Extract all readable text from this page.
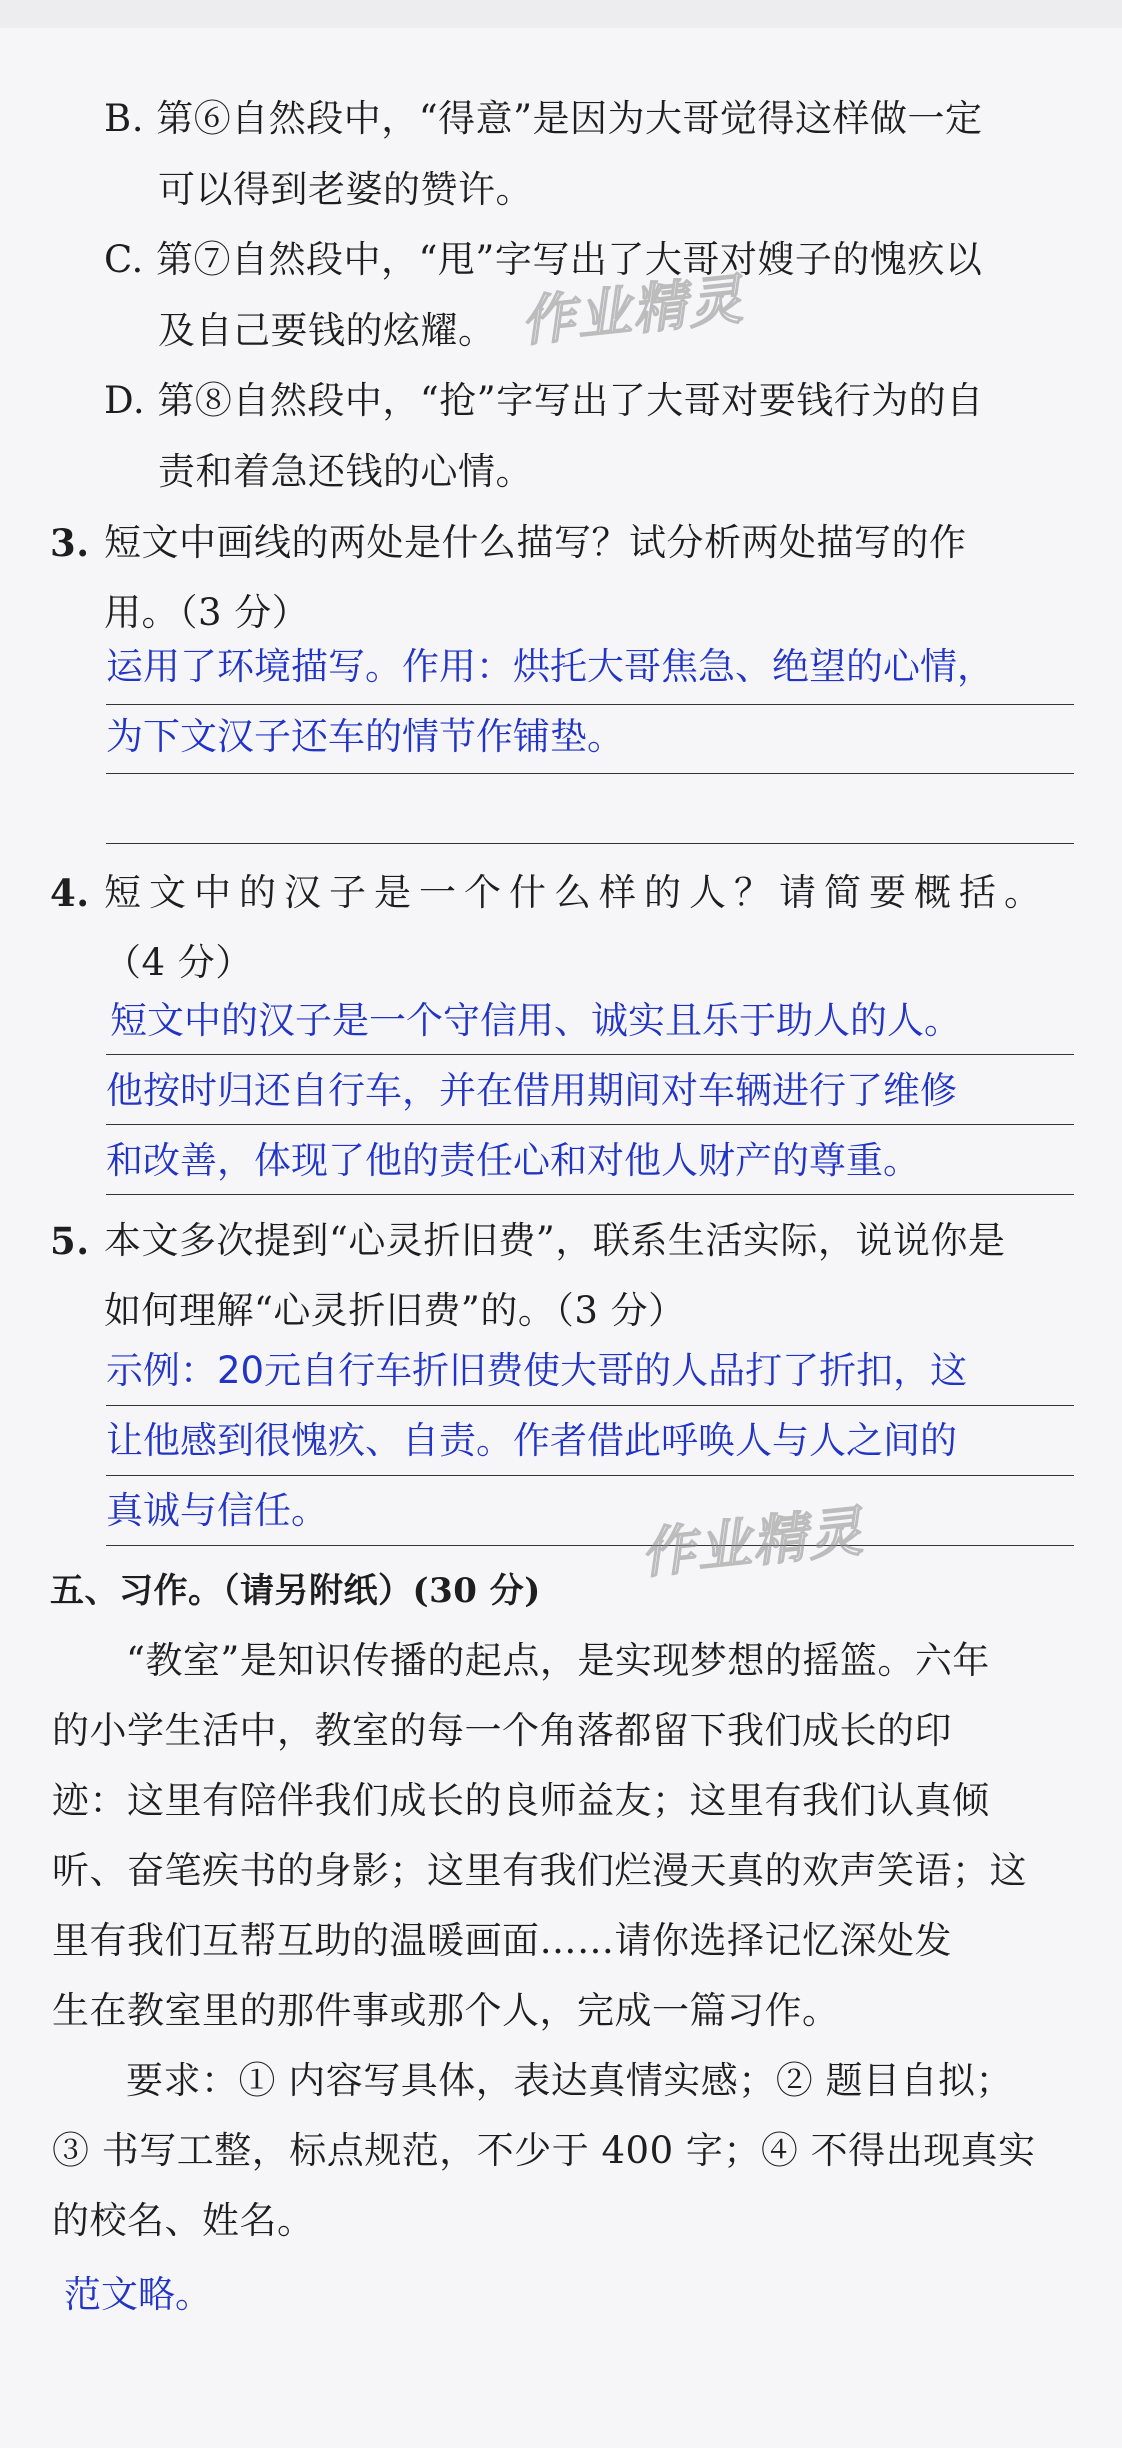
B. 第⑥自然段中，“得意”是因为大哥觉得这样做一定
可以得到老婆的赞许。
C. 第⑦自然段中，“甩”字写出了大哥对嫂子的愧疚以
及自己要钱的炫耀。
D. 第⑧自然段中，“抢”字写出了大哥对要钱行为的自
责和着急还钱的心情。
作业精灵
3. 短文中画线的两处是什么描写？试分析两处描写的作
用。（3 分）
运用了环境描写。作用：烘托大哥焦急、绝望的心情，
为下文汉子还车的情节作铺垫。
4. 短文中的汉子是一个什么样的人？请简要概括。
（4 分）
短文中的汉子是一个守信用、诚实且乐于助人的人。
他按时归还自行车，并在借用期间对车辆进行了维修
和改善，体现了他的责任心和对他人财产的尊重。
5. 本文多次提到“心灵折旧费”，联系生活实际，说说你是
如何理解“心灵折旧费”的。（3 分）
示例：20元自行车折旧费使大哥的人品打了折扣，这
让他感到很愧疚、自责。作者借此呼唤人与人之间的
真诚与信任。	作业精灵
五、习作。（请另附纸）(30 分)
“教室”是知识传播的起点，是实现梦想的摇篮。六年
的小学生活中，教室的每一个角落都留下我们成长的印
迹：这里有陪伴我们成长的良师益友；这里有我们认真倾
听、奋笔疾书的身影；这里有我们烂漫天真的欢声笑语；这
里有我们互帮互助的温暖画面……请你选择记忆深处发
生在教室里的那件事或那个人，完成一篇习作。
要求：① 内容写具体，表达真情实感；② 题目自拟；
③ 书写工整，标点规范，不少于 400 字；④ 不得出现真实
的校名、姓名。
范文略。
